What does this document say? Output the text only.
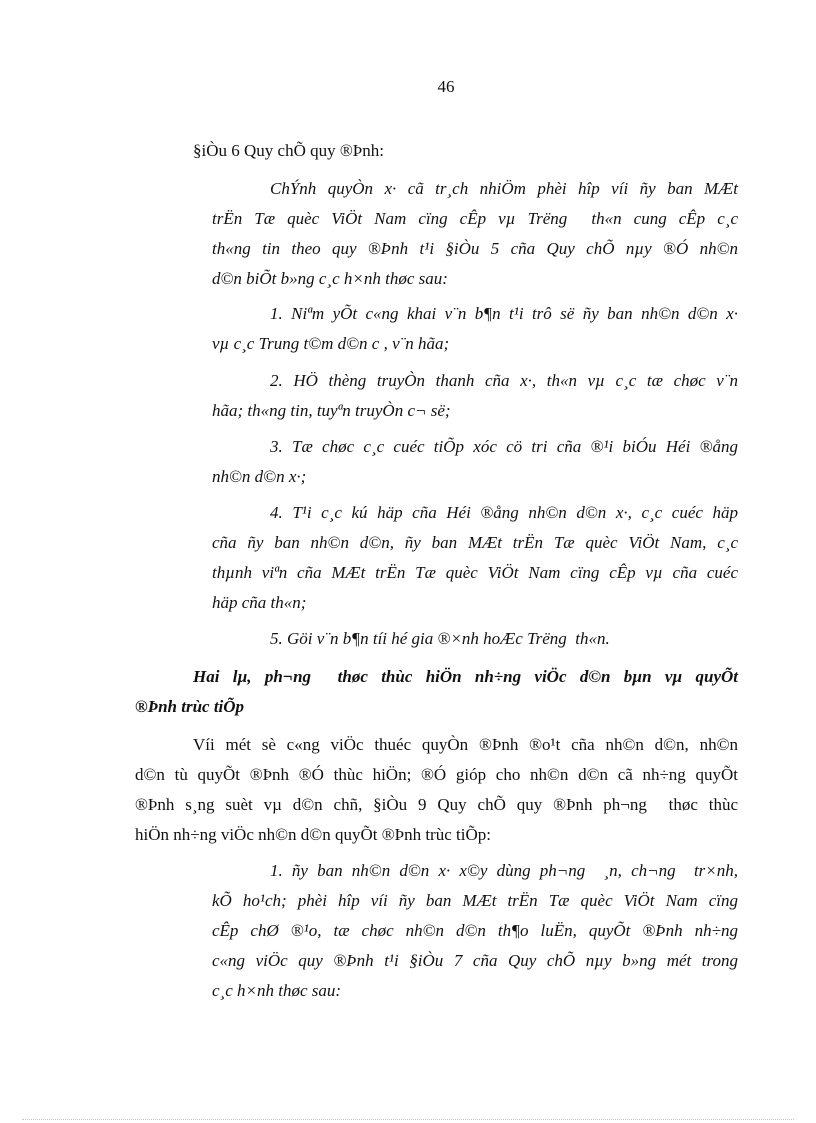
46
§iÒu 6 Quy chÕ quy ®Þnh:
ChÝnh quyÒn x· cã tr¸ch nhiÖm phèi hîp víi ñy ban MÆt
trËn Tæ quèc ViÖt Nam cïng cÊp vµ Trëng  th«n cung cÊp c¸c
th«ng tin theo quy ®Þnh t¹i §iÒu 5 cña Quy chÕ nµy ®Ó nh©n
d©n biÕt b»ng c¸c h×nh thøc sau:
1. Niªm yÕt c«ng khai v¨n b¶n t¹i trô së ñy ban nh©n d©n x·
vµ c¸c Trung t©m d©n c , v¨n hãa;
2. HÖ thèng truyÒn thanh cña x·, th«n vµ c¸c tæ chøc v¨n
hãa; th«ng tin, tuyªn truyÒn c¬ së;
3. Tæ chøc c¸c cuéc tiÕp xóc cö tri cña ®¹i biÓu Héi ®ång
nh©n d©n x·;
4. T¹i c¸c kú häp cña Héi ®ång nh©n d©n x·, c¸c cuéc häp
cña ñy ban nh©n d©n, ñy ban MÆt trËn Tæ quèc ViÖt Nam, c¸c
thµnh viªn cña MÆt trËn Tæ quèc ViÖt Nam cïng cÊp vµ cña cuéc
häp cña th«n;
5. Göi v¨n b¶n tíi hé gia ®×nh hoÆc Trëng  th«n.
Hai lµ, ph¬ng  thøc thùc hiÖn nh÷ng viÖc d©n bµn vµ quyÕt
®Þnh trùc tiÕp
Víi mét sè c«ng viÖc thuéc quyÒn ®Þnh ®o¹t cña nh©n d©n, nh©n
d©n tù quyÕt ®Þnh ®Ó thùc hiÖn; ®Ó gióp cho nh©n d©n cã nh÷ng quyÕt
®Þnh s¸ng suèt vµ d©n chñ, §iÒu 9 Quy chÕ quy ®Þnh ph¬ng  thøc thùc
hiÖn nh÷ng viÖc nh©n d©n quyÕt ®Þnh trùc tiÕp:
1. ñy ban nh©n d©n x· x©y dùng ph¬ng  ¸n, ch¬ng  tr×nh,
kÕ ho¹ch; phèi hîp víi ñy ban MÆt trËn Tæ quèc ViÖt Nam cïng
cÊp chØ ®¹o, tæ chøc nh©n d©n th¶o luËn, quyÕt ®Þnh nh÷ng
c«ng viÖc quy ®Þnh t¹i §iÒu 7 cña Quy chÕ nµy b»ng mét trong
c¸c h×nh thøc sau:
